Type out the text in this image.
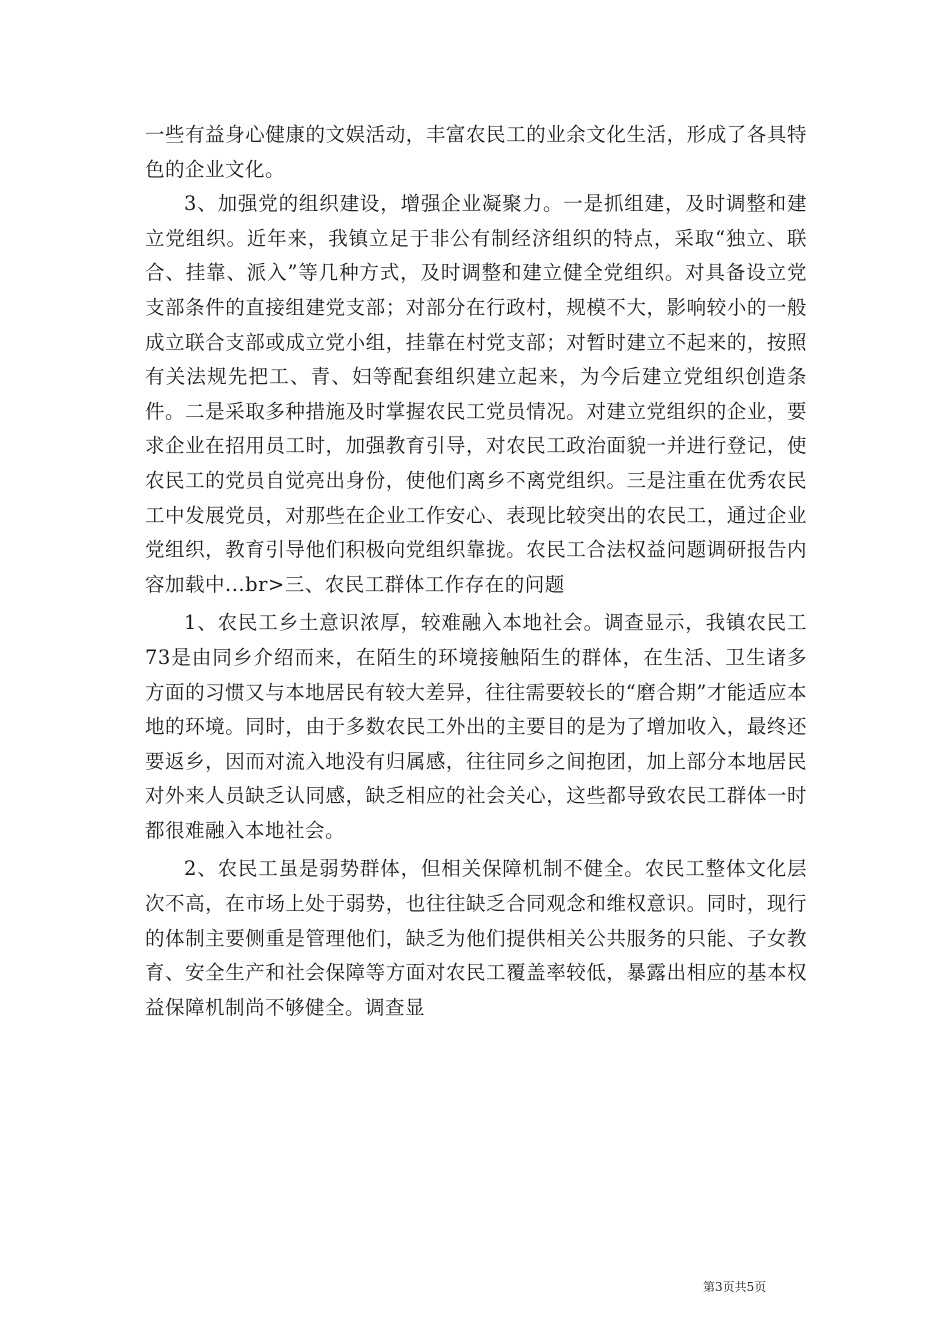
一些有益身心健康的文娱活动，丰富农民工的业余文化生活，形成了各具特色的企业文化。

3、加强党的组织建设，增强企业凝聚力。一是抓组建，及时调整和建立党组织。近年来，我镇立足于非公有制经济组织的特点，采取“独立、联合、挂靠、派入”等几种方式，及时调整和建立健全党组织。对具备设立党支部条件的直接组建党支部；对部分在行政村，规模不大，影响较小的一般成立联合支部或成立党小组，挂靠在村党支部；对暂时建立不起来的，按照有关法规先把工、青、妇等配套组织建立起来，为今后建立党组织创造条件。二是采取多种措施及时掌握农民工党员情况。对建立党组织的企业，要求企业在招用员工时，加强教育引导，对农民工政治面貌一并进行登记，使农民工的党员自觉亮出身份，使他们离乡不离党组织。三是注重在优秀农民工中发展党员，对那些在企业工作安心、表现比较突出的农民工，通过企业党组织，教育引导他们积极向党组织靠拢。农民工合法权益问题调研报告内容加载中...br>三、农民工群体工作存在的问题

1、农民工乡土意识浓厚，较难融入本地社会。调查显示，我镇农民工73是由同乡介绍而来，在陌生的环境接触陌生的群体，在生活、卫生诸多方面的习惯又与本地居民有较大差异，往往需要较长的“磨合期”才能适应本地的环境。同时，由于多数农民工外出的主要目的是为了增加收入，最终还要返乡，因而对流入地没有归属感，往往同乡之间抱团，加上部分本地居民对外来人员缺乏认同感，缺乏相应的社会关心，这些都导致农民工群体一时都很难融入本地社会。

2、农民工虽是弱势群体，但相关保障机制不健全。农民工整体文化层次不高，在市场上处于弱势，也往往缺乏合同观念和维权意识。同时，现行的体制主要侧重是管理他们，缺乏为他们提供相关公共服务的只能、子女教育、安全生产和社会保障等方面对农民工覆盖率较低，暴露出相应的基本权益保障机制尚不够健全。调查显

第3页共5页
